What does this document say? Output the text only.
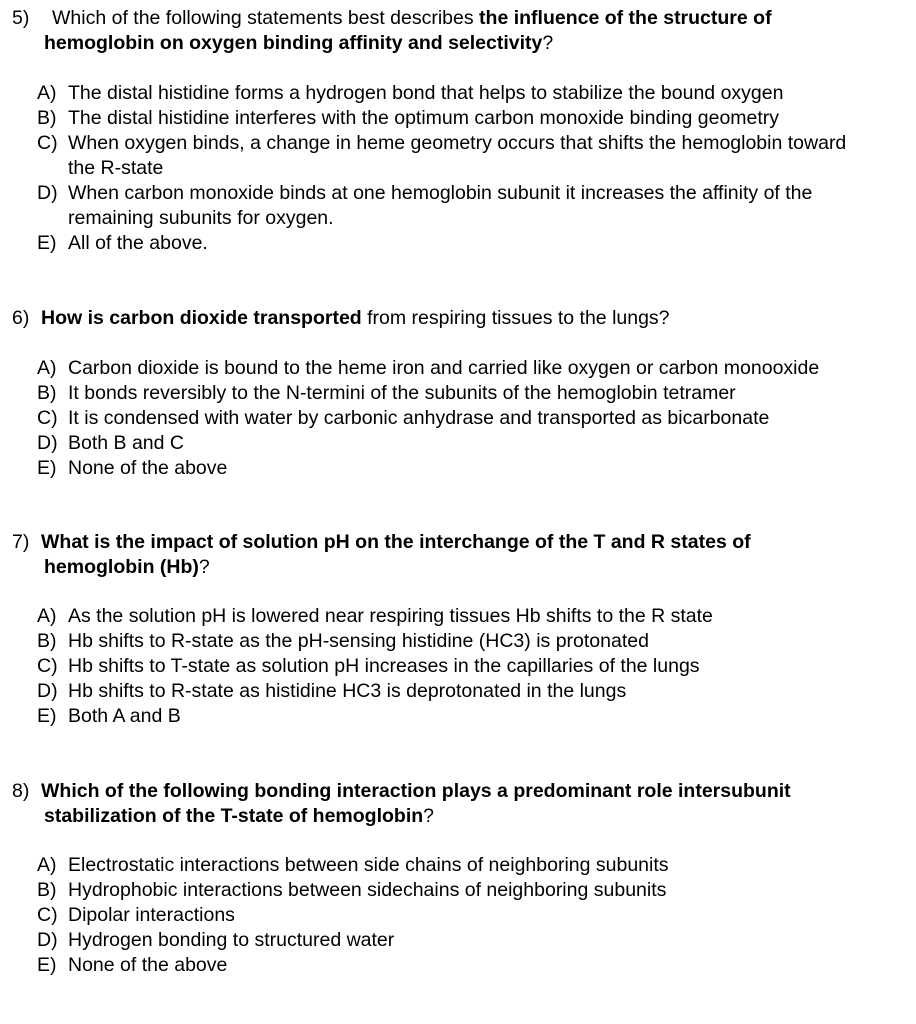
5) Which of the following statements best describes the influence of the structure of
hemoglobin on oxygen binding affinity and selectivity?
A) The distal histidine forms a hydrogen bond that helps to stabilize the bound oxygen
B) The distal histidine interferes with the optimum carbon monoxide binding geometry
C) When oxygen binds, a change in heme geometry occurs that shifts the hemoglobin toward
the R-state
D) When carbon monoxide binds at one hemoglobin subunit it increases the affinity of the
remaining subunits for oxygen.
E) All of the above.
6) How is carbon dioxide transported from respiring tissues to the lungs?
A) Carbon dioxide is bound to the heme iron and carried like oxygen or carbon monooxide
B) It bonds reversibly to the N-termini of the subunits of the hemoglobin tetramer
C) It is condensed with water by carbonic anhydrase and transported as bicarbonate
D) Both B and C
E) None of the above
7) What is the impact of solution pH on the interchange of the T and R states of
hemoglobin (Hb)?
A) As the solution pH is lowered near respiring tissues Hb shifts to the R state
B) Hb shifts to R-state as the pH-sensing histidine (HC3) is protonated
C) Hb shifts to T-state as solution pH increases in the capillaries of the lungs
D) Hb shifts to R-state as histidine HC3 is deprotonated in the lungs
E) Both A and B
8) Which of the following bonding interaction plays a predominant role intersubunit
stabilization of the T-state of hemoglobin?
A) Electrostatic interactions between side chains of neighboring subunits
B) Hydrophobic interactions between sidechains of neighboring subunits
C) Dipolar interactions
D) Hydrogen bonding to structured water
E) None of the above
